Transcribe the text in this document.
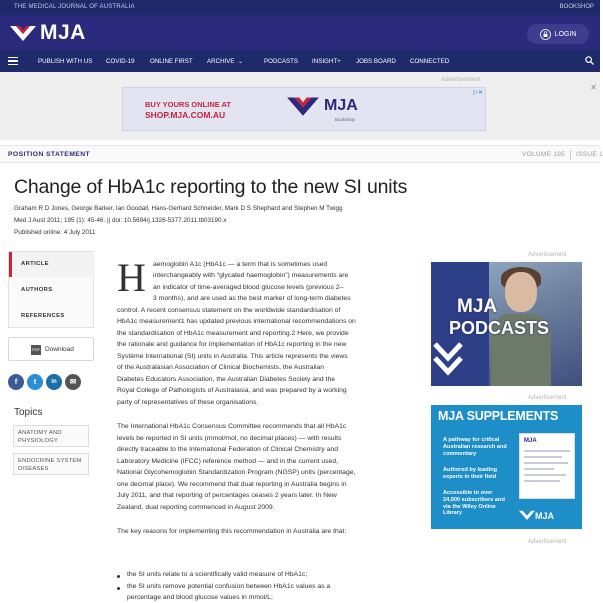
THE MEDICAL JOURNAL OF AUSTRALIA	BOOKSHOP
MJA	LOGIN
PUBLISH WITH US COVID-19 ONLINE FIRST ARCHIVE ⌄	PODCASTS INSIGHT+ JOBS BOARD CONNECTED
Advertisement
✕
BUY YOURS ONLINE AT
SHOP.MJA.COM.AU
MJA
Bookshop
▷✕
POSITION STATEMENT	VOLUME 195 ISSUE 1
Change of HbA1c reporting to the new SI units
Graham R D Jones, George Barker, Ian Goodall, Hans-Gerhard Schneider, Mark D S Shephard and Stephen M Twigg
Med J Aust 2011; 195 (1): 45-46. || doi: 10.5694/j.1326-5377.2011.tb03190.x
Published online: 4 July 2011
ARTICLE
AUTHORS
REFERENCES
PDF Download
f	t	in	✉
Topics
ANATOMY AND PHYSIOLOGY
ENDOCRINE SYSTEM DISEASES
H aemoglobin A1c (HbA1c — a term that is sometimes used
interchangeably with “glycated haemoglobin”) measurements are
an indicator of time-averaged blood glucose levels (previous 2–
3 months), and are used as the best marker of long-term diabetes
control. A recent consensus statement on the worldwide standardisation of
HbA1c measurement1 has updated previous international recommendations on
the standardisation of HbA1c measurement and reporting.2 Here, we provide
the rationale and guidance for implementation of HbA1c reporting in the new
Système International (SI) units in Australia. This article represents the views
of the Australasian Association of Clinical Biochemists, the Australian
Diabetes Educators Association, the Australian Diabetes Society and the
Royal College of Pathologists of Australasia, and was prepared by a working
party of representatives of these organisations.
The International HbA1c Consensus Committee recommends that all HbA1c
levels be reported in SI units (mmol/mol, no decimal places) — with results
directly traceable to the International Federation of Clinical Chemistry and
Laboratory Medicine (IFCC) reference method — and in the current used,
National Glycohemoglobin Standardization Program (NGSP) units (percentage,
one decimal place). We recommend that dual reporting in Australia begins in
July 2011, and that reporting of percentages ceases 2 years later. In New
Zealand, dual reporting commenced in August 2009.
The key reasons for implementing this recommendation in Australia are that:
the SI units relate to a scientifically valid measure of HbA1c;
the SI units remove potential confusion between HbA1c values as a
percentage and blood glucose values in mmol/L;
Advertisement
MJA
PODCASTS
Advertisement
MJA SUPPLEMENTS
A pathway for critical Australian research and commentary
Authored by leading experts in their field
Accessible to over 24,000 subscribers and via the Wiley Online Library
MJA
MJA
Advertisement
